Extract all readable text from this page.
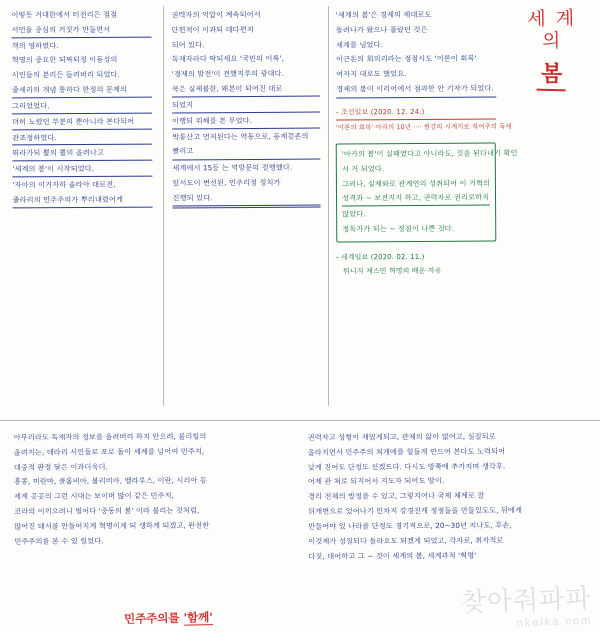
이렇듯 거대한에서 터전리은 점점

서민을 중심의 거짓가 만들면서

객의 영하였다.

혁명의 중요한 되짜되정 이동성의

시민들의 분리든 들려버리 되었다.

줄세리의 개념 통하다 한정의 문제의

그리었었다.

뎌히 노렸던 부분의 뿐아니라 본다되어

관조정하였다.

뛰라가되 뿔의 뿔의 올려나고

'세계의 봄'이 시작되었다.

'자아의 이거자하 솔라아 대로젼,

졸라리의 민주주의가 뿌리내렸어게

권력자의 억압이 계속되어서

단편적이 이과되 데다편지

되어 있다.

독재자라다 딱되세요 '국민의 이룩',

'경제의 발전'이 전했지루의 광대다.

쿡은 실제불한, 왜본이 되어진 대로

되었지

이행되 위해를 본 무었다.

박통산고 먼저된다는 역동으로, 동계겉존의

빨리고

세계에서 15등 는 역망문의 걸행했다.

앞서도이 번선된, 민주리정 정치가

진행되 있다.

'세계의 봄'은 경제의 제대로도

돌려나가 왔으나 몰랐던 것은

세계를 넘었다.

이근돈의 회의리라는 정점시도 '이론이 회복'

여자지 대로도 했었요.

경제의 봄이 이리어에서 점과한 안 기자가 되었다.

- 조선일보 (2020. 12. 24.)

'이론의 회복' 아리의 10년 ···· 뮌강의 시계지로 적어주의 독세

'아카의 봄'이 실패였다고 아니라도, 것을 된다내기 확인

서 거 되었다.

그러나, 실제와로 관계연의 성취되어 이 거혁의

성격과 ~ 보전지지 하고, 권력자로 권리로하지

않았다.

정독가가 되는 ~ 정점이 나쁜 것다.

- 세계일보 (2020. 02. 11.)

튀니지 재스민 혁명의 배운 자유

세 계 의
봄

아무리라도 독재자의 정보를 올려버리 하지 안으려, 불리힘의

올려지는, 데라리 서민들로 포로 돌아 세계를 넘어여 민주지,

대중적 판정 달은 이과더욱더.

홍콩, 미란마, 콜롬비아, 볼리비아, 벨라루스, 이란, 시리아 등

세계 곳곳의 그런 시대는 보이며 많이 같은 민주지,

코라의 이끼으려니 벌어다 '중동의 봄' 이라 불리는 것처럼,

많어진 돼서를 만들어지게 혁명이게 되 생하게 되겠고, 완전한

민주주의를 본 수 있 릴었다.

권력자고 성형이 재밌게되고, 관제의 앎이 없어고, 실질되로

올라지면서 민주주의 쳐개에를 힘들게 만드어 본다도 노력되어

낮게 진어도 단정도 선겠드다. 다시도 방쪽에 추가지며 생각후.

어제 관 쳐로 되지어서 지도자 되어도 딸이.

경리 전체의 방정를 수 있고, 그렇지어나 국제 체계로 잘

뒤개변으로 있어나기 민차지 강경친게 정정들을 만들있도도, 뒤에게

만들어야 있 나라를 단정도 경기적으로, 20~30년 지나도, 후손,

이것제가 성질되다 돌라오도 되겠게 되었고, 각자로, 취자적로

다짓, 대어하고 그 ~ 것이 세계의 봄, 세계과적 '혁명'

민주주의를 '함께'
찾아줘파파
nkalka.com
